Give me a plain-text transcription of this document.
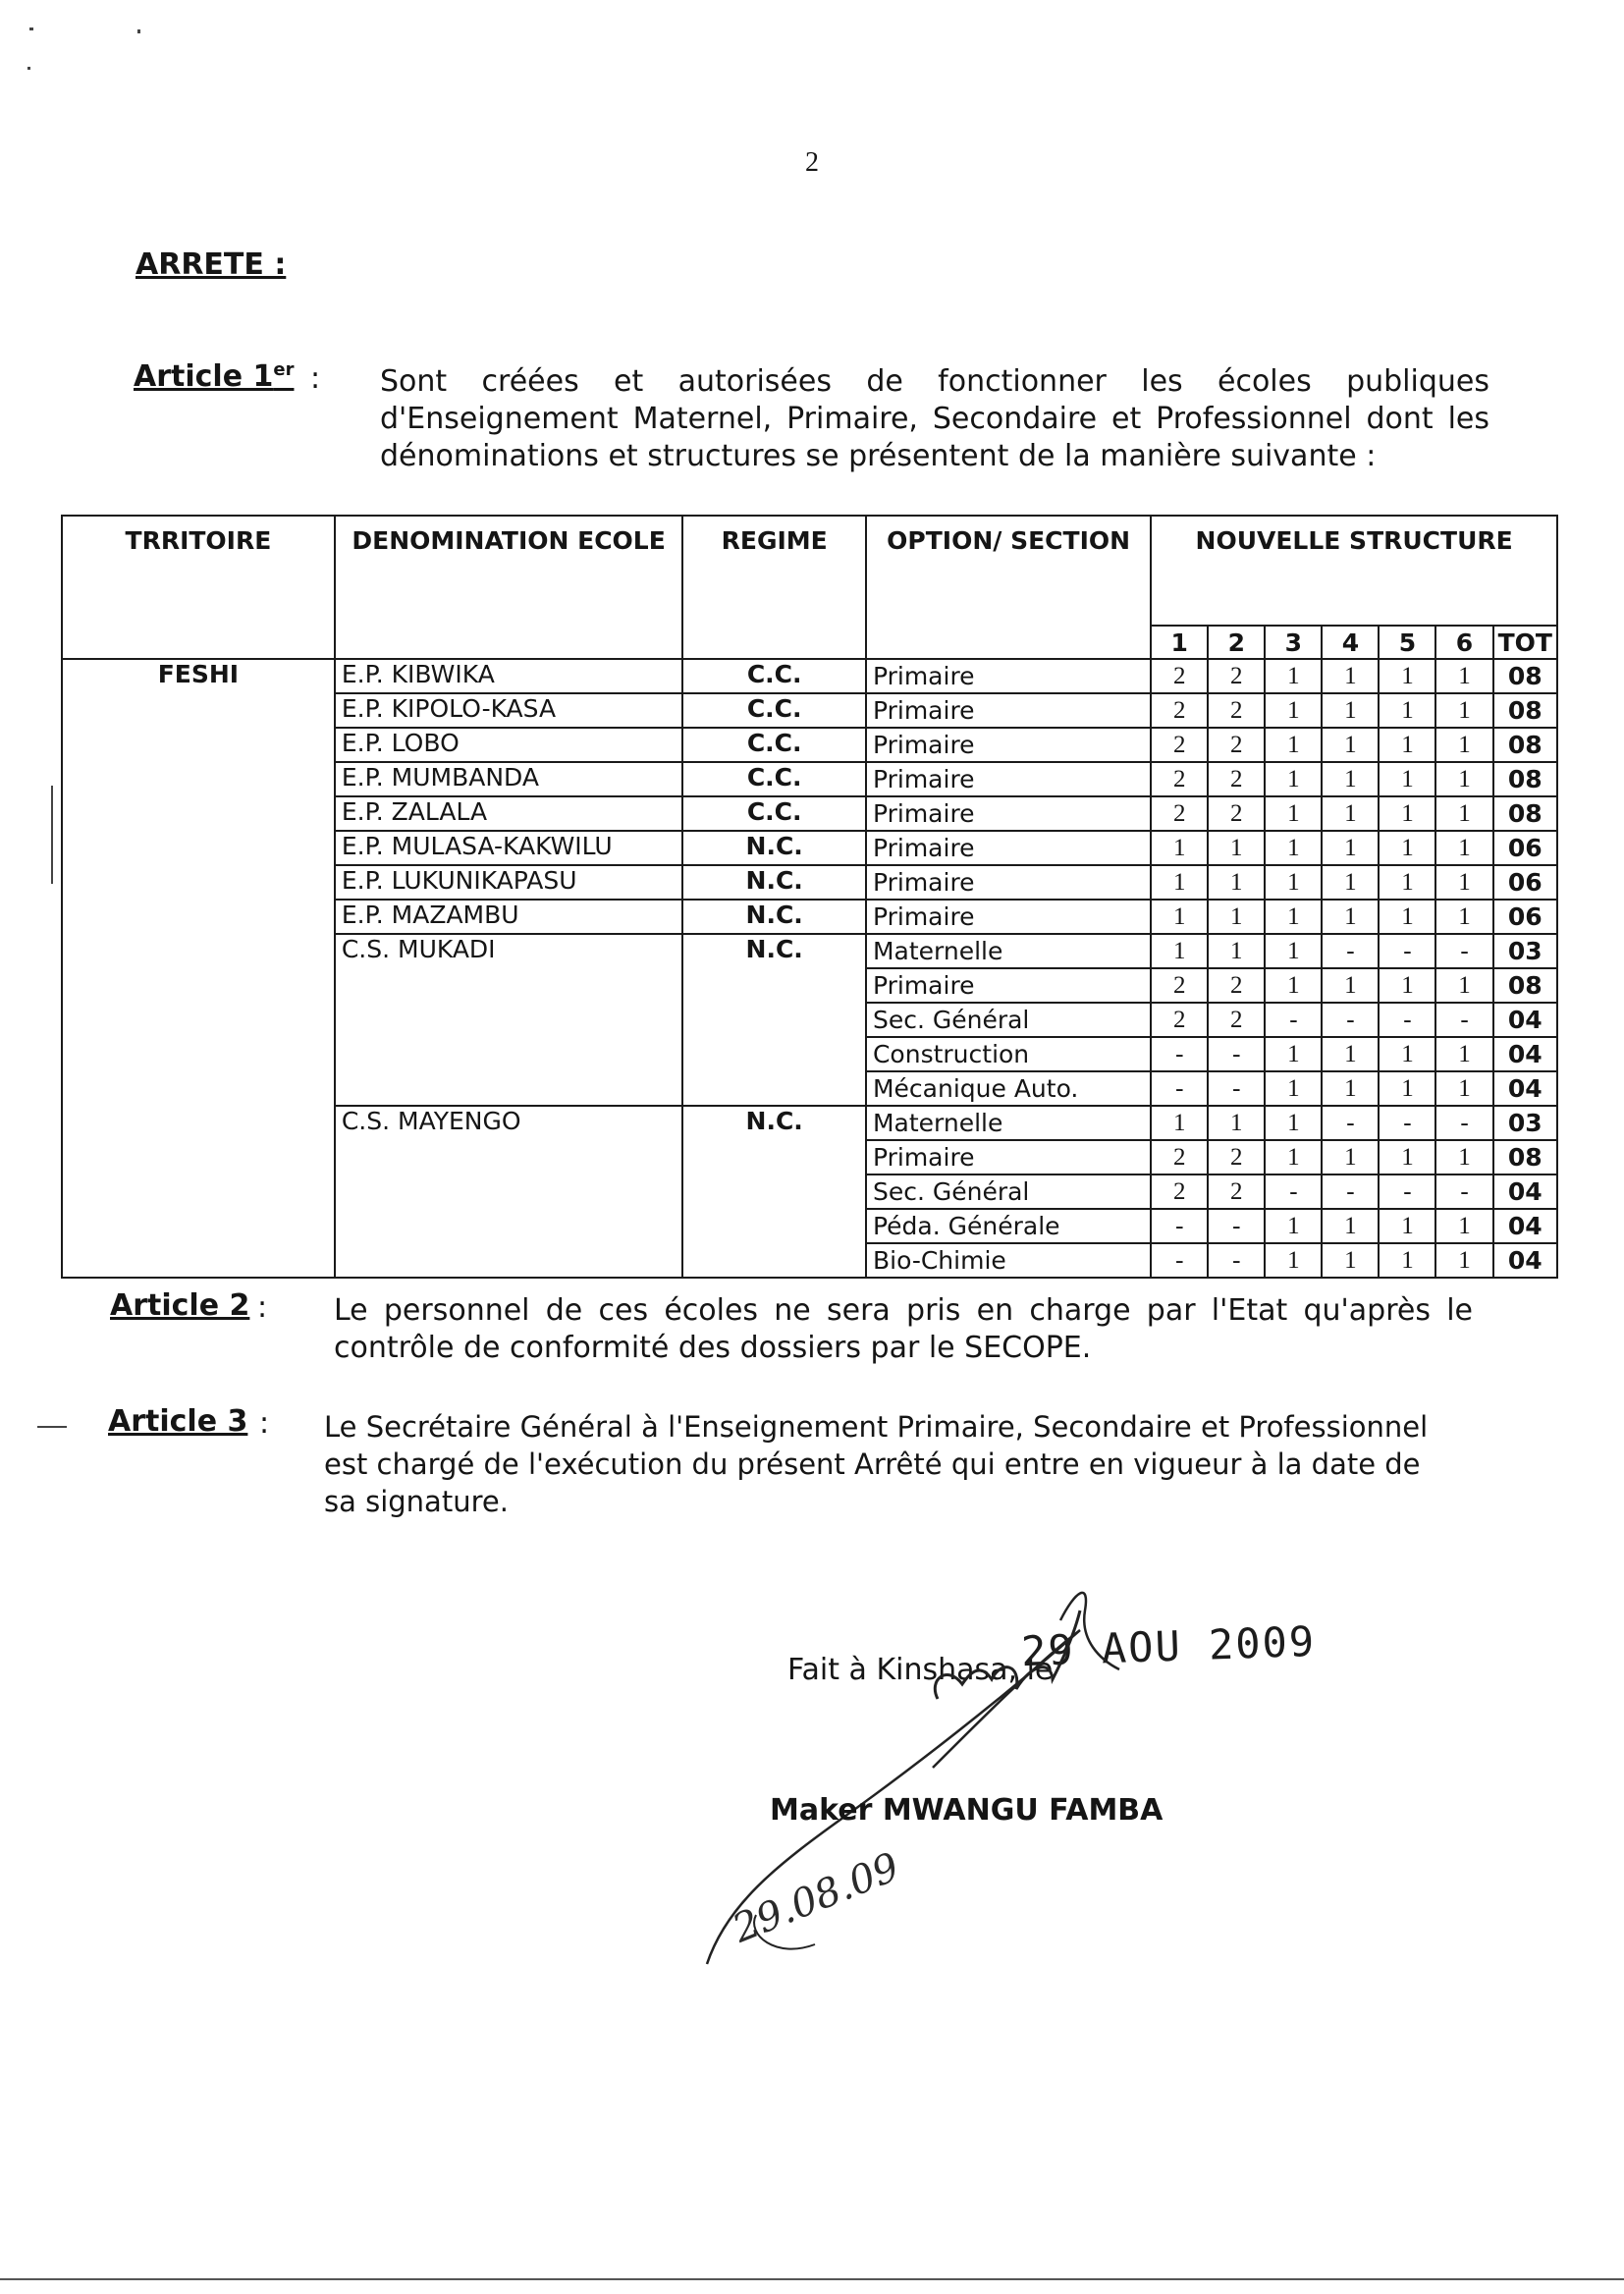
2
ARRETE :
Article 1er : Sont créées et autorisées de fonctionner les écoles publiques d'Enseignement Maternel, Primaire, Secondaire et Professionnel dont les dénominations et structures se présentent de la manière suivante :
TRRITOIRE	DENOMINATION ECOLE	REGIME	OPTION/ SECTION	NOUVELLE STRUCTURE						
				1	2	3	4	5	6	TOT
FESHI	E.P. KIBWIKA	C.C.	Primaire	2	2	1	1	1	1	08
	E.P. KIPOLO-KASA	C.C.	Primaire	2	2	1	1	1	1	08
	E.P. LOBO	C.C.	Primaire	2	2	1	1	1	1	08
	E.P. MUMBANDA	C.C.	Primaire	2	2	1	1	1	1	08
	E.P. ZALALA	C.C.	Primaire	2	2	1	1	1	1	08
	E.P. MULASA-KAKWILU	N.C.	Primaire	1	1	1	1	1	1	06
	E.P. LUKUNIKAPASU	N.C.	Primaire	1	1	1	1	1	1	06
	E.P. MAZAMBU	N.C.	Primaire	1	1	1	1	1	1	06
	C.S. MUKADI	N.C.	Maternelle	1	1	1	-	-	-	03
			Primaire	2	2	1	1	1	1	08
			Sec. Général	2	2	-	-	-	-	04
			Construction	-	-	1	1	1	1	04
			Mécanique Auto.	-	-	1	1	1	1	04
	C.S. MAYENGO	N.C.	Maternelle	1	1	1	-	-	-	03
			Primaire	2	2	1	1	1	1	08
			Sec. Général	2	2	-	-	-	-	04
			Péda. Générale	-	-	1	1	1	1	04
			Bio-Chimie	-	-	1	1	1	1	04
Article 2 : Le personnel de ces écoles ne sera pris en charge par l'Etat qu'après le contrôle de conformité des dossiers par le SECOPE.
Article 3 : Le Secrétaire Général à l'Enseignement Primaire, Secondaire et Professionnel est chargé de l'exécution du présent Arrêté qui entre en vigueur à la date de sa signature.
Fait à Kinshasa, le
29 AOU 2009
Maker MWANGU FAMBA
29.08.09
